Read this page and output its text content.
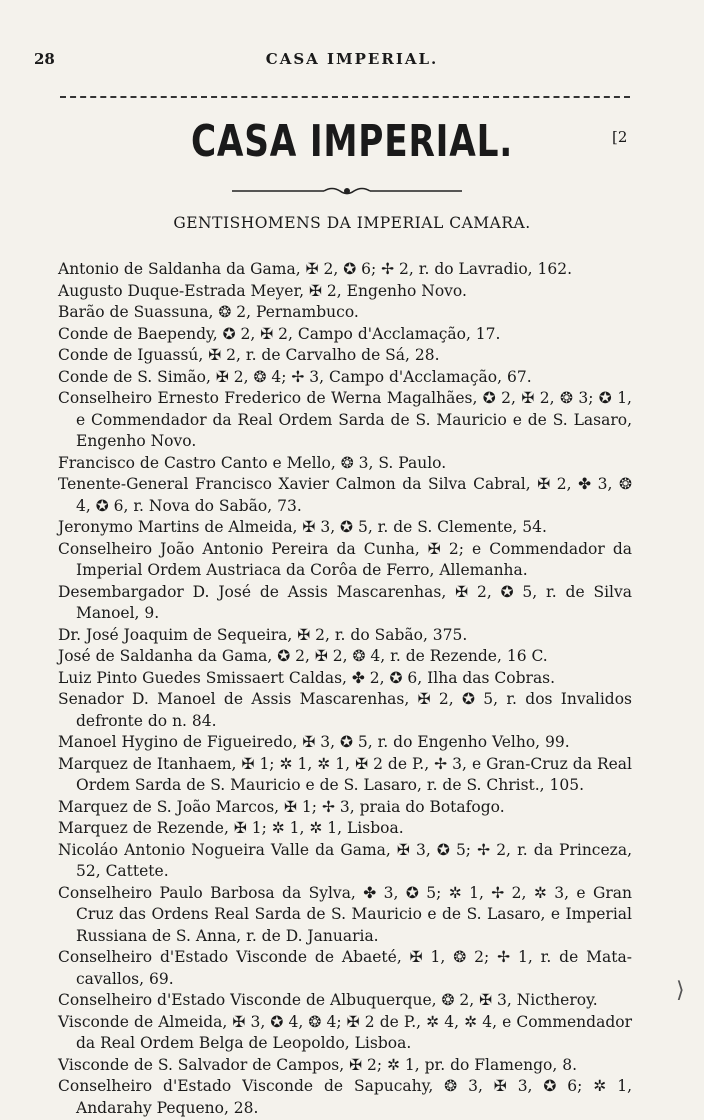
28	CASA IMPERIAL.
CASA IMPERIAL.	[2
GENTISHOMENS DA IMPERIAL CAMARA.

Antonio de Saldanha da Gama, ✠ 2, ✪ 6; ✢ 2, r. do Lavradio, 162.

Augusto Duque-Estrada Meyer, ✠ 2, Engenho Novo.

Barão de Suassuna, ❂ 2, Pernambuco.

Conde de Baependy, ✪ 2, ✠ 2, Campo d'Acclamação, 17.

Conde de Iguassú, ✠ 2, r. de Carvalho de Sá, 28.

Conde de S. Simão, ✠ 2, ❂ 4; ✢ 3, Campo d'Acclamação, 67.

Conselheiro Ernesto Frederico de Werna Magalhães, ✪ 2, ✠ 2, ❂ 3; ✪ 1, e Commendador da Real Ordem Sarda de S. Mauricio e de S. Lasaro, Engenho Novo.

Francisco de Castro Canto e Mello, ❂ 3, S. Paulo.

Tenente-General Francisco Xavier Calmon da Silva Cabral, ✠ 2, ✤ 3, ❂ 4, ✪ 6, r. Nova do Sabão, 73.

Jeronymo Martins de Almeida, ✠ 3, ✪ 5, r. de S. Clemente, 54.

Conselheiro João Antonio Pereira da Cunha, ✠ 2; e Commendador da Imperial Ordem Austriaca da Corôa de Ferro, Allemanha.

Desembargador D. José de Assis Mascarenhas, ✠ 2, ✪ 5, r. de Silva Manoel, 9.

Dr. José Joaquim de Sequeira, ✠ 2, r. do Sabão, 375.

José de Saldanha da Gama, ✪ 2, ✠ 2, ❂ 4, r. de Rezende, 16 C.

Luiz Pinto Guedes Smissaert Caldas, ✤ 2, ✪ 6, Ilha das Cobras.

Senador D. Manoel de Assis Mascarenhas, ✠ 2, ✪ 5, r. dos Invalidos defronte do n. 84.

Manoel Hygino de Figueiredo, ✠ 3, ✪ 5, r. do Engenho Velho, 99.

Marquez de Itanhaem, ✠ 1; ✲ 1, ✲ 1, ✠ 2 de P., ✢ 3, e Gran-Cruz da Real Ordem Sarda de S. Mauricio e de S. Lasaro, r. de S. Christ., 105.

Marquez de S. João Marcos, ✠ 1; ✢ 3, praia do Botafogo.

Marquez de Rezende, ✠ 1; ✲ 1, ✲ 1, Lisboa.

Nicoláo Antonio Nogueira Valle da Gama, ✠ 3, ✪ 5; ✢ 2, r. da Princeza, 52, Cattete.

Conselheiro Paulo Barbosa da Sylva, ✤ 3, ✪ 5; ✲ 1, ✢ 2, ✲ 3, e Gran Cruz das Ordens Real Sarda de S. Mauricio e de S. Lasaro, e Imperial Russiana de S. Anna, r. de D. Januaria.

Conselheiro d'Estado Visconde de Abaeté, ✠ 1, ❂ 2; ✢ 1, r. de Mata-cavallos, 69.

Conselheiro d'Estado Visconde de Albuquerque, ❂ 2, ✠ 3, Nictheroy.

Visconde de Almeida, ✠ 3, ✪ 4, ❂ 4; ✠ 2 de P., ✲ 4, ✲ 4, e Commendador da Real Ordem Belga de Leopoldo, Lisboa.

Visconde de S. Salvador de Campos, ✠ 2; ✲ 1, pr. do Flamengo, 8.

Conselheiro d'Estado Visconde de Sapucahy, ❂ 3, ✠ 3, ✪ 6; ✲ 1, Andarahy Pequeno, 28.

⟩
